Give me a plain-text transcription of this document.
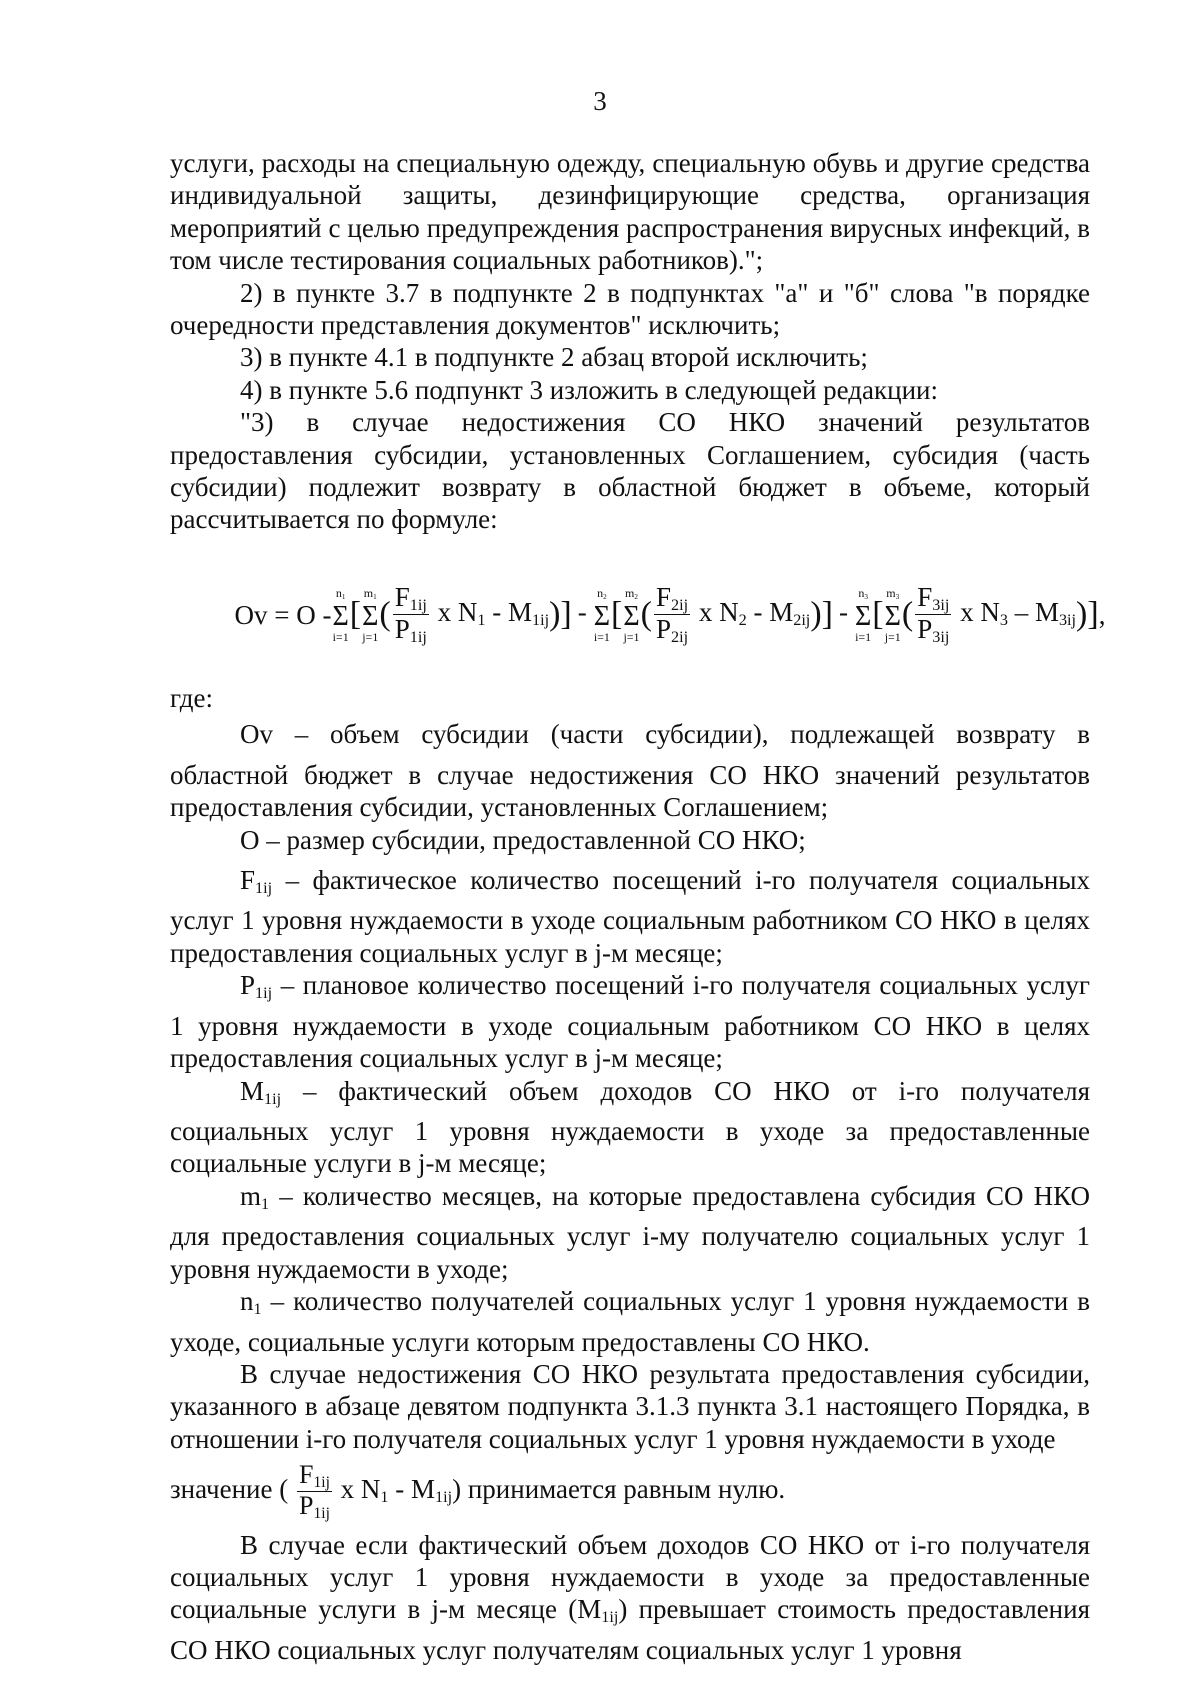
3

услуги, расходы на специальную одежду, специальную обувь и другие средства индивидуальной защиты, дезинфицирующие средства, организация мероприятий с целью предупреждения распространения вирусных инфекций, в том числе тестирования социальных работников).";

2) в пункте 3.7 в подпункте 2 в подпунктах "а" и "б" слова "в порядке очередности представления документов" исключить;

3) в пункте 4.1 в подпункте 2 абзац второй исключить;

4) в пункте 5.6 подпункт 3 изложить в следующей редакции:

"3) в случае недостижения СО НКО значений результатов предоставления субсидии, установленных Соглашением, субсидия (часть субсидии) подлежит возврату в областной бюджет в объеме, который рассчитывается по формуле:

Ov = O -
$n_1$
Σ
i=1
[
$m_1$
Σ
j=1
( $\frac{F_{1ij}}{P_{1ij}}$ x $N_1 - M_{1ij}$)] -
$n_2$
Σ
i=1
[
$m_2$
Σ
j=1
( $\frac{F_{2ij}}{P_{2ij}}$ x $N_2 - M_{2ij}$)] -
$n_3$
Σ
i=1
[
$m_3$
Σ
j=1
( $\frac{F_{3ij}}{P_{3ij}}$ x $N_3 - M_{3ij}$)] ,

где:

Ov – объем субсидии (части субсидии), подлежащей возврату в областной бюджет в случае недостижения СО НКО значений результатов предоставления субсидии, установленных Соглашением;

O – размер субсидии, предоставленной СО НКО;

$F_{1ij}$ – фактическое количество посещений i-го получателя социальных услуг 1 уровня нуждаемости в уходе социальным работником СО НКО в целях предоставления социальных услуг в j-м месяце;

$P_{1ij}$ – плановое количество посещений i-го получателя социальных услуг 1 уровня нуждаемости в уходе социальным работником СО НКО в целях предоставления социальных услуг в j-м месяце;

$M_{1ij}$ – фактический объем доходов СО НКО от i-го получателя социальных услуг 1 уровня нуждаемости в уходе за предоставленные социальные услуги в j-м месяце;

$m_1$ – количество месяцев, на которые предоставлена субсидия СО НКО для предоставления социальных услуг i-му получателю социальных услуг 1 уровня нуждаемости в уходе;

$n_1$ – количество получателей социальных услуг 1 уровня нуждаемости в уходе, социальные услуги которым предоставлены СО НКО.

В случае недостижения СО НКО результата предоставления субсидии, указанного в абзаце девятом подпункта 3.1.3 пункта 3.1 настоящего Порядка, в отношении i-го получателя социальных услуг 1 уровня нуждаемости в уходе

значение ( $\frac{F_{1ij}}{P_{1ij}}$ x $N_1 - M_{1ij}$) принимается равным нулю.

В случае если фактический объем доходов СО НКО от i-го получателя социальных услуг 1 уровня нуждаемости в уходе за предоставленные социальные услуги в j-м месяце $(M_{1ij})$ превышает стоимость предоставления СО НКО социальных услуг получателям социальных услуг 1 уровня
